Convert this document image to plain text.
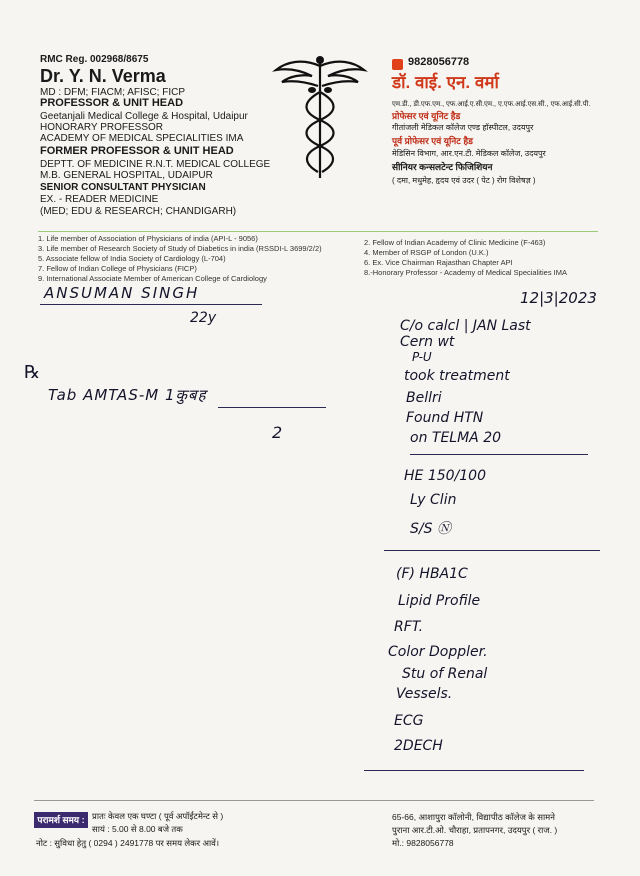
RMC Reg. 002968/8675
Dr. Y. N. Verma
MD : DFM; FIACM; AFISC; FICP
PROFESSOR & UNIT HEAD
Geetanjali Medical College & Hospital, Udaipur
HONORARY PROFESSOR
ACADEMY OF MEDICAL SPECIALITIES IMA
FORMER PROFESSOR & UNIT HEAD
DEPTT. OF MEDICINE R.N.T. MEDICAL COLLEGE
M.B. GENERAL HOSPITAL, UDAIPUR
SENIOR CONSULTANT PHYSICIAN
EX. - READER MEDICINE
(MED; EDU & RESEARCH; CHANDIGARH)
9828056778
डॉ. वाई. एन. वर्मा
एम.डी., डी.एफ.एम., एफ.आई.ए.सी.एम., ए.एफ.आई.एस.सी., एफ.आई.सी.पी.
प्रोफेसर एवं यूनिट हैड
गीतांजली मेडिकल कॉलेज एण्ड हॉस्पीटल, उदयपुर
पूर्व प्रोफेसर एवं यूनिट हैड
मेडिसिन विभाग, आर.एन.टी. मेडिकल कॉलेज, उदयपुर
सीनियर कन्सलटेन्ट फिजिशियन
( दमा, मधुमेह, हृदय एवं उदर ( पेट ) रोग विशेषज्ञ )
1. Life member of Association of Physicians of india (API-L - 9056)
3. Life member of Research Society of Study of Diabetics in india (RSSDI-L 3699/2/2)
5. Associate fellow of India Society of Cardiology (L-704)
7. Fellow of Indian College of Physicians (FICP)
9. International Associate Member of American College of Cardiology
2. Fellow of Indian Academy of Clinic Medicine (F-463)
4. Member of RSGP of London (U.K.)
6. Ex. Vice Chairman Rajasthan Chapter API
8.-Honorary Professor - Academy of Medical Specialities IMA
ANSUMAN SINGH
22y
12|3|2023
℞
Tab AMTAS-M 1कुबह
2
C/o calcl | JAN Last
Cern wt
P-U
took treatment
Bellri
Found HTN
on TELMA 20
HE 150/100
Ly Clin
S/S Ⓝ
(F) HBA1C
Lipid Profile
RFT.
Color Doppler.
Stu of Renal
Vessels.
ECG
2DECH
परामर्श समय : प्रातः केवल एक घण्टा ( पूर्व अपॉईंटमेन्ट से )
सायं : 5.00 से 8.00 बजे तक
नोट : सुविधा हेतु ( 0294 ) 2491778 पर समय लेकर आवें।
65-66, आशापुरा कॉलोनी, विद्यापीठ कॉलेज के सामने
पुराना आर.टी.ओ. चौराहा, प्रतापनगर, उदयपुर ( राज. )
मो.: 9828056778
